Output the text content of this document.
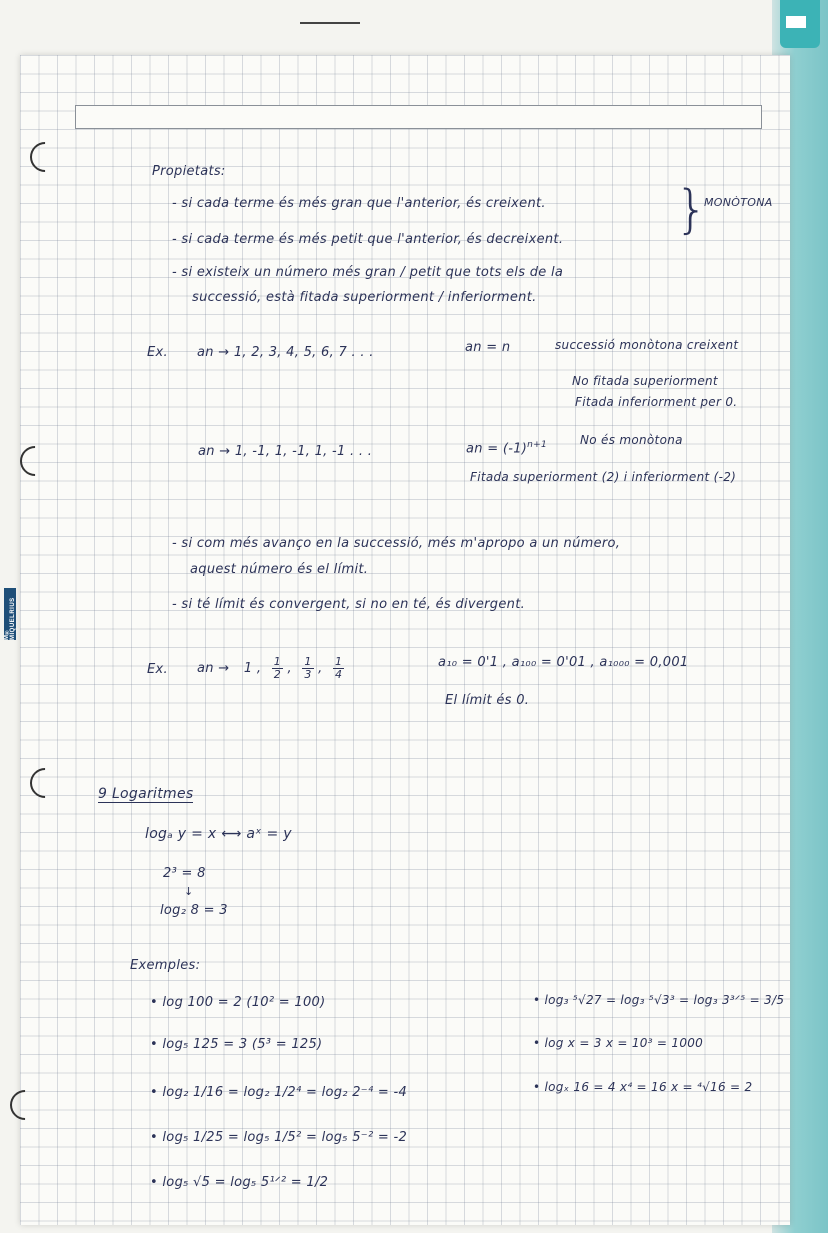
M® MIQUELRIUS
Propietats:
- si cada terme és més gran que l'anterior, és creixent.
- si cada terme és més petit que l'anterior, és decreixent. }
MONÒTONA
- si existeix un número més gran / petit que tots els de la
successió, està fitada superiorment / inferiorment.
Ex. an → 1, 2, 3, 4, 5, 6, 7 . . .	an = n	successió monòtona creixent
No fitada superiorment
Fitada inferiorment per 0.
an → 1, -1, 1, -1, 1, -1 . . .	an = $(-1)^{n+1}$	No és monòtona
Fitada superiorment (2) i inferiorment (-2)
- si com més avanço en la successió, més m'apropo a un número,
aquest número és el límit.
- si té límit és convergent, si no en té, és divergent.
Ex. an → 1 , $\frac{1}{2}$ , $\frac{1}{3}$ , $\frac{1}{4}$	a₁₀ = 0'1 , a₁₀₀ = 0'01 , a₁₀₀₀ = 0,001
El límit és 0.
9 Logaritmes
logₐ y = x ⟷ aˣ = y
2³ = 8
↓
log₂ 8 = 3
Exemples:
• log 100 = 2 (10² = 100)
• log₅ 125 = 3 (5³ = 125)
• log₂ 1/16 = log₂ 1/2⁴ = log₂ 2⁻⁴ = -4
• log₅ 1/25 = log₅ 1/5² = log₅ 5⁻² = -2
• log₅ √5 = log₅ 5¹ᐟ² = 1/2
• log₃ ⁵√27 = log₃ ⁵√3³ = log₃ 3³ᐟ⁵ = 3/5
• log x = 3 x = 10³ = 1000
• logₓ 16 = 4 x⁴ = 16 x = ⁴√16 = 2
